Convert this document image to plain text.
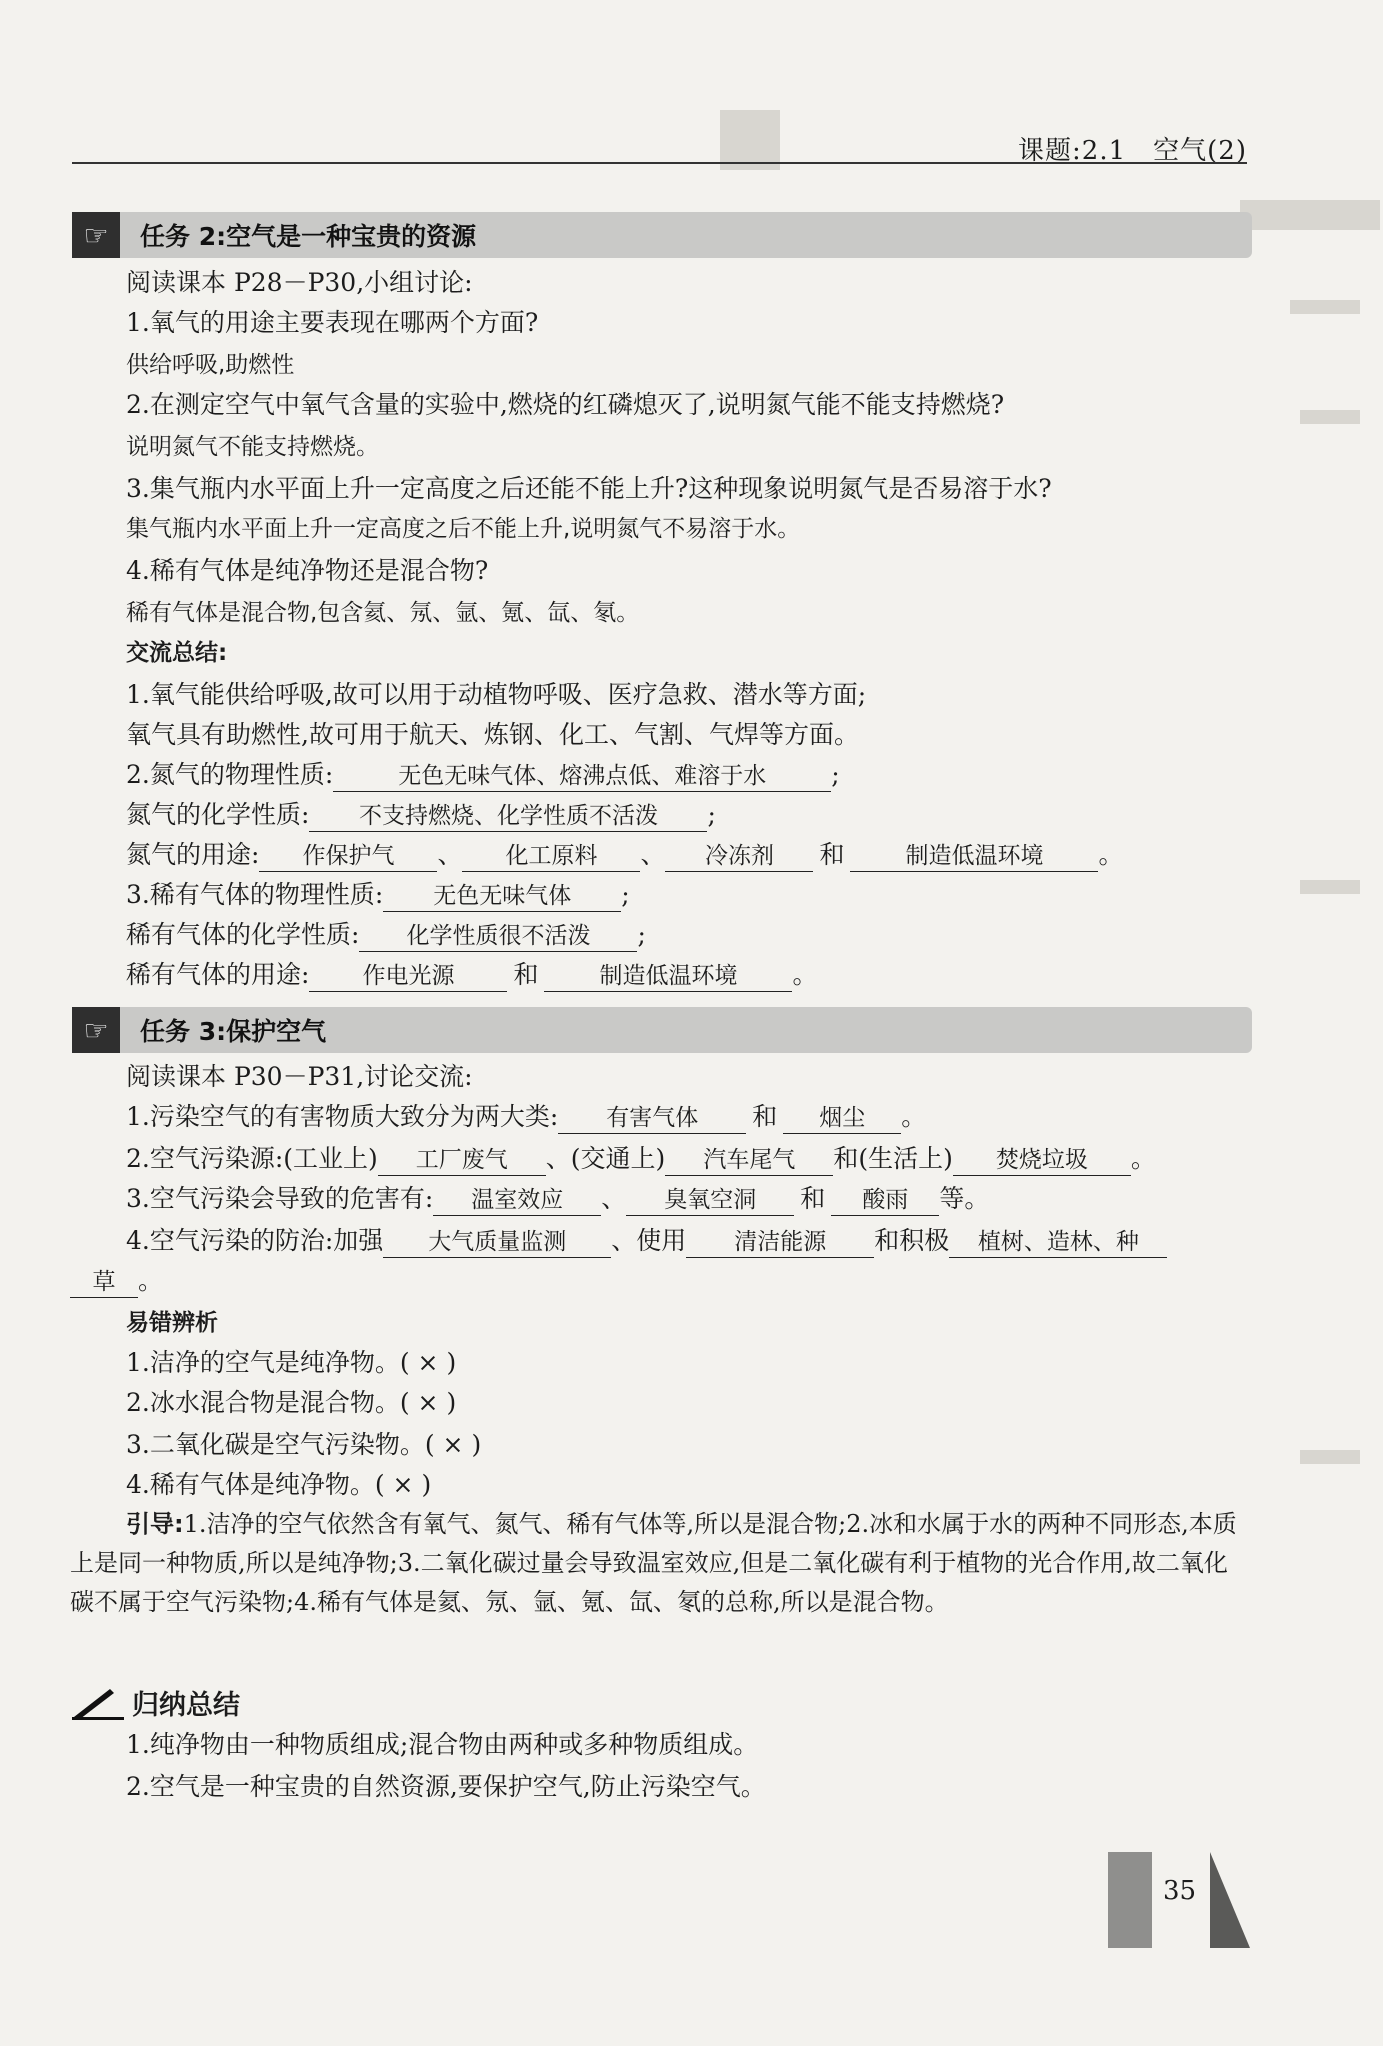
课题:2.1　空气(2)
☞	任务 2:空气是一种宝贵的资源
阅读课本 P28－P30,小组讨论:
1.氧气的用途主要表现在哪两个方面?
供给呼吸,助燃性
2.在测定空气中氧气含量的实验中,燃烧的红磷熄灭了,说明氮气能不能支持燃烧?
说明氮气不能支持燃烧。
3.集气瓶内水平面上升一定高度之后还能不能上升?这种现象说明氮气是否易溶于水?
集气瓶内水平面上升一定高度之后不能上升,说明氮气不易溶于水。
4.稀有气体是纯净物还是混合物?
稀有气体是混合物,包含氦、氖、氩、氪、氙、氡。
交流总结:
1.氧气能供给呼吸,故可以用于动植物呼吸、医疗急救、潜水等方面;
氧气具有助燃性,故可用于航天、炼钢、化工、气割、气焊等方面。
2.氮气的物理性质:	无色无味气体、熔沸点低、难溶于水	;
氮气的化学性质: 不支持燃烧、化学性质不活泼 ;
氮气的用途: 作保护气 、 化工原料 、 冷冻剂 和	制造低温环境 。
3.稀有气体的物理性质: 无色无味气体 ;
稀有气体的化学性质: 化学性质很不活泼 ;
稀有气体的用途: 作电光源 和	制造低温环境 。
☞	任务 3:保护空气
阅读课本 P30－P31,讨论交流:
1.污染空气的有害物质大致分为两大类: 有害气体 和 烟尘 。
2.空气污染源:(工业上) 工厂废气 、(交通上) 汽车尾气 和(生活上) 焚烧垃圾 。
3.空气污染会导致的危害有: 温室效应 、 臭氧空洞 和 酸雨 等。
4.空气污染的防治:加强 大气质量监测 、使用 清洁能源 和积极 植树、造林、种
草 。
易错辨析
1.洁净的空气是纯净物。( × )
2.冰水混合物是混合物。( × )
3.二氧化碳是空气污染物。( × )
4.稀有气体是纯净物。( × )
引导:1.洁净的空气依然含有氧气、氮气、稀有气体等,所以是混合物;2.冰和水属于水的两种不同形态,本质上是同一种物质,所以是纯净物;3.二氧化碳过量会导致温室效应,但是二氧化碳有利于植物的光合作用,故二氧化碳不属于空气污染物;4.稀有气体是氦、氖、氩、氪、氙、氡的总称,所以是混合物。
归纳总结
1.纯净物由一种物质组成;混合物由两种或多种物质组成。
2.空气是一种宝贵的自然资源,要保护空气,防止污染空气。
35
